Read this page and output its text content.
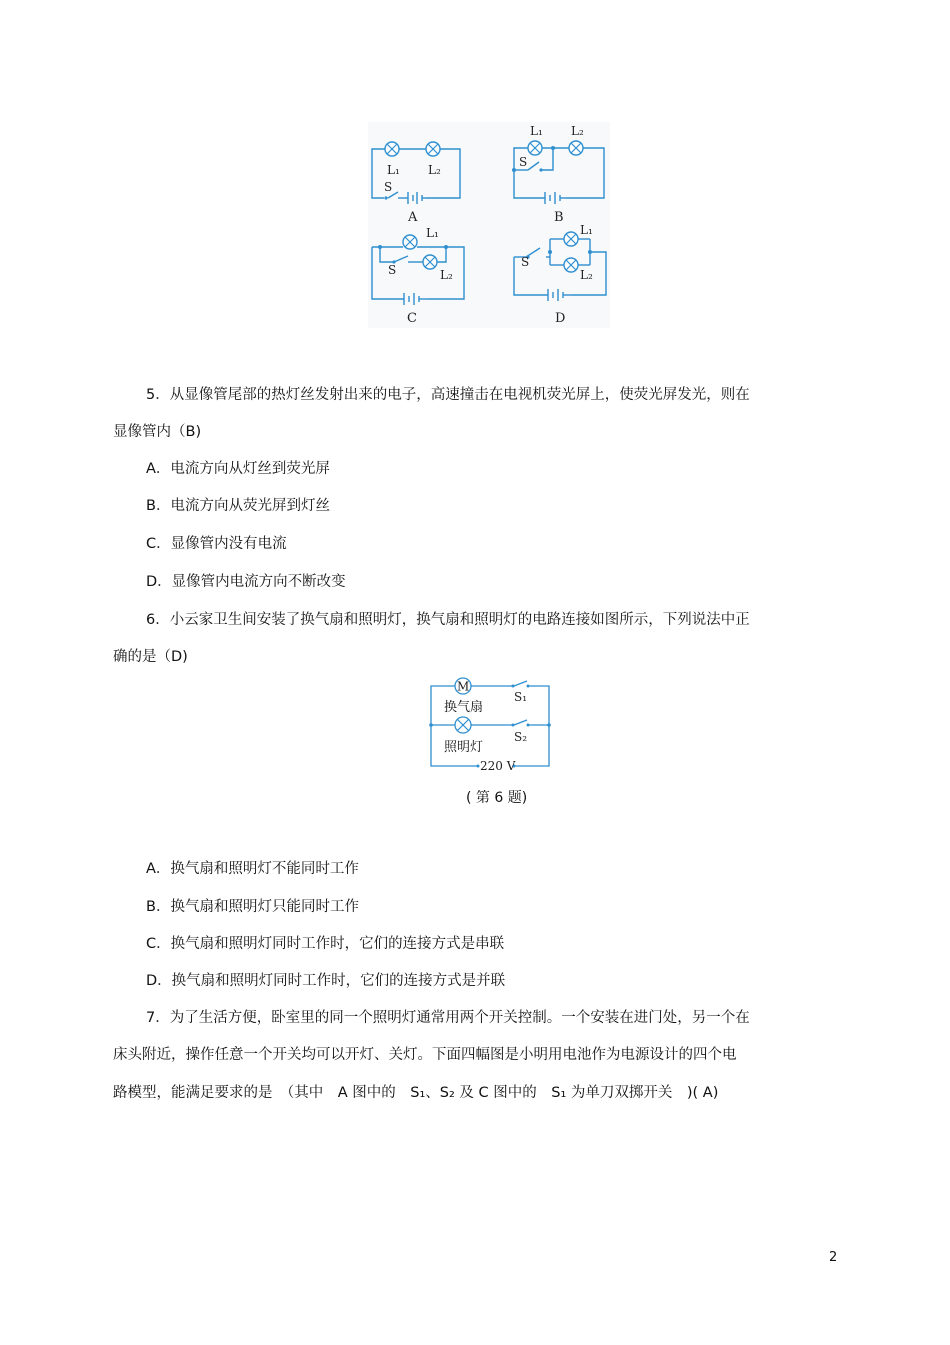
L₁ L₂
S
A
L₁ L₂
S
B
L₁
S	L₂
C
L₁
S
L₂
D
5．从显像管尾部的热灯丝发射出来的电子，高速撞击在电视机荧光屏上，使荧光屏发光，则在
显像管内（B)
A．电流方向从灯丝到荧光屏
B．电流方向从荧光屏到灯丝
C．显像管内没有电流
D．显像管内电流方向不断改变
6．小云家卫生间安装了换气扇和照明灯，换气扇和照明灯的电路连接如图所示，下列说法中正
确的是（D)
M
S₁
S₂
220 V
换气扇
照明灯
( 第 6 题)
A．换气扇和照明灯不能同时工作
B．换气扇和照明灯只能同时工作
C．换气扇和照明灯同时工作时，它们的连接方式是串联
D．换气扇和照明灯同时工作时，它们的连接方式是并联
7．为了生活方便，卧室里的同一个照明灯通常用两个开关控制。一个安装在进门处，另一个在
床头附近，操作任意一个开关均可以开灯、关灯。下面四幅图是小明用电池作为电源设计的四个电
路模型，能满足要求的是　（其中　A 图中的　S₁、S₂ 及 C 图中的　S₁ 为单刀双掷开关　)( A)
2
